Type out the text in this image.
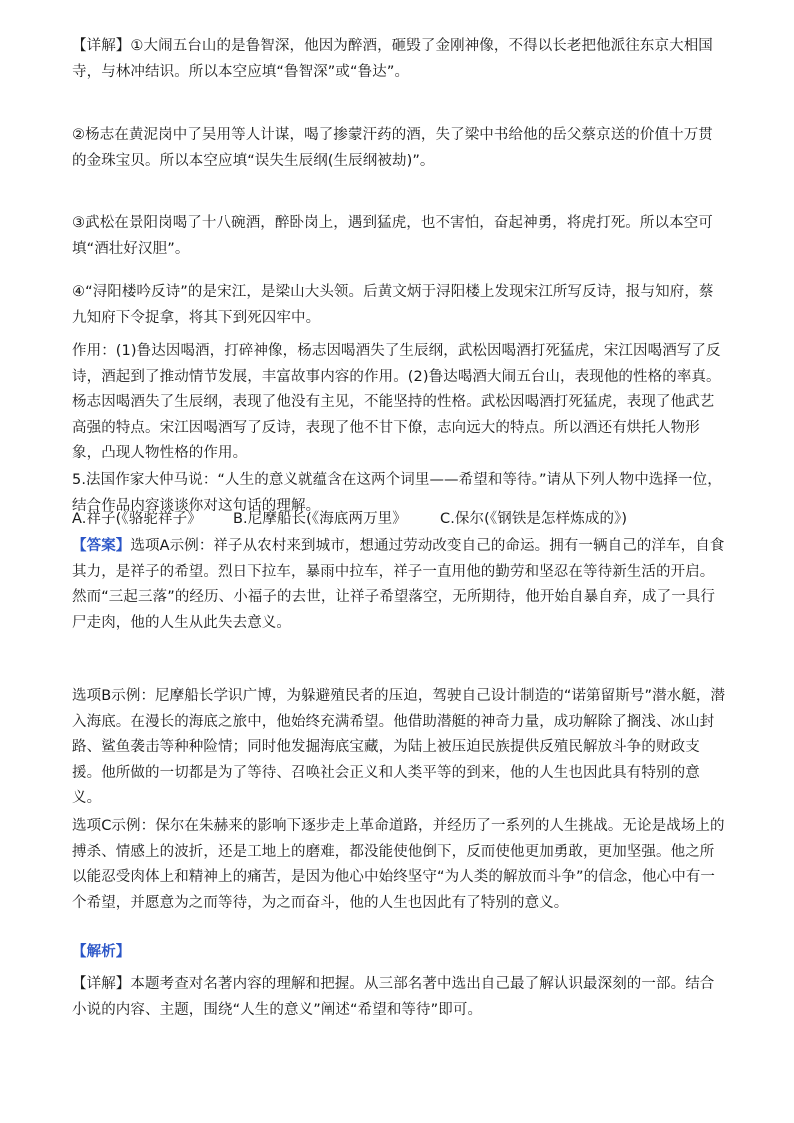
【详解】①大闹五台山的是鲁智深，他因为醉酒，砸毁了金刚神像，不得以长老把他派往东京大相国寺，与林冲结识。所以本空应填“鲁智深”或“鲁达”。

②杨志在黄泥岗中了吴用等人计谋，喝了掺蒙汗药的酒，失了梁中书给他的岳父蔡京送的价值十万贯的金珠宝贝。所以本空应填“误失生辰纲(生辰纲被劫)”。

③武松在景阳岗喝了十八碗酒，醉卧岗上，遇到猛虎，也不害怕，奋起神勇，将虎打死。所以本空可填“酒壮好汉胆”。

④“浔阳楼吟反诗”的是宋江，是梁山大头领。后黄文炳于浔阳楼上发现宋江所写反诗，报与知府，蔡九知府下令捉拿，将其下到死囚牢中。

作用：(1)鲁达因喝酒，打碎神像，杨志因喝酒失了生辰纲，武松因喝酒打死猛虎，宋江因喝酒写了反诗，酒起到了推动情节发展，丰富故事内容的作用。(2)鲁达喝酒大闹五台山，表现他的性格的率真。杨志因喝酒失了生辰纲，表现了他没有主见，不能坚持的性格。武松因喝酒打死猛虎，表现了他武艺高强的特点。宋江因喝酒写了反诗，表现了他不甘下僚，志向远大的特点。所以酒还有烘托人物形象，凸现人物性格的作用。

5.法国作家大仲马说：“人生的意义就蕴含在这两个词里——希望和等待。”请从下列人物中选择一位，结合作品内容谈谈你对这句话的理解。

A.祥子(《骆驼祥子》 B.尼摩船长(《海底两万里》 C.保尔(《钢铁是怎样炼成的》)

【答案】选项A示例：祥子从农村来到城市，想通过劳动改变自己的命运。拥有一辆自己的洋车，自食其力，是祥子的希望。烈日下拉车，暴雨中拉车，祥子一直用他的勤劳和坚忍在等待新生活的开启。然而“三起三落”的经历、小福子的去世，让祥子希望落空，无所期待，他开始自暴自弃，成了一具行尸走肉，他的人生从此失去意义。

选项B示例：尼摩船长学识广博，为躲避殖民者的压迫，驾驶自己设计制造的“诺第留斯号”潜水艇，潜入海底。在漫长的海底之旅中，他始终充满希望。他借助潜艇的神奇力量，成功解除了搁浅、冰山封路、鲨鱼袭击等种种险情；同时他发掘海底宝藏，为陆上被压迫民族提供反殖民解放斗争的财政支援。他所做的一切都是为了等待、召唤社会正义和人类平等的到来，他的人生也因此具有特别的意义。

选项C示例：保尔在朱赫来的影响下逐步走上革命道路，并经历了一系列的人生挑战。无论是战场上的搏杀、情感上的波折，还是工地上的磨难，都没能使他倒下，反而使他更加勇敢，更加坚强。他之所以能忍受肉体上和精神上的痛苦，是因为他心中始终坚守“为人类的解放而斗争”的信念，他心中有一个希望，并愿意为之而等待，为之而奋斗，他的人生也因此有了特别的意义。

【解析】

【详解】本题考查对名著内容的理解和把握。从三部名著中选出自己最了解认识最深刻的一部。结合小说的内容、主题，围绕“人生的意义”阐述“希望和等待”即可。
